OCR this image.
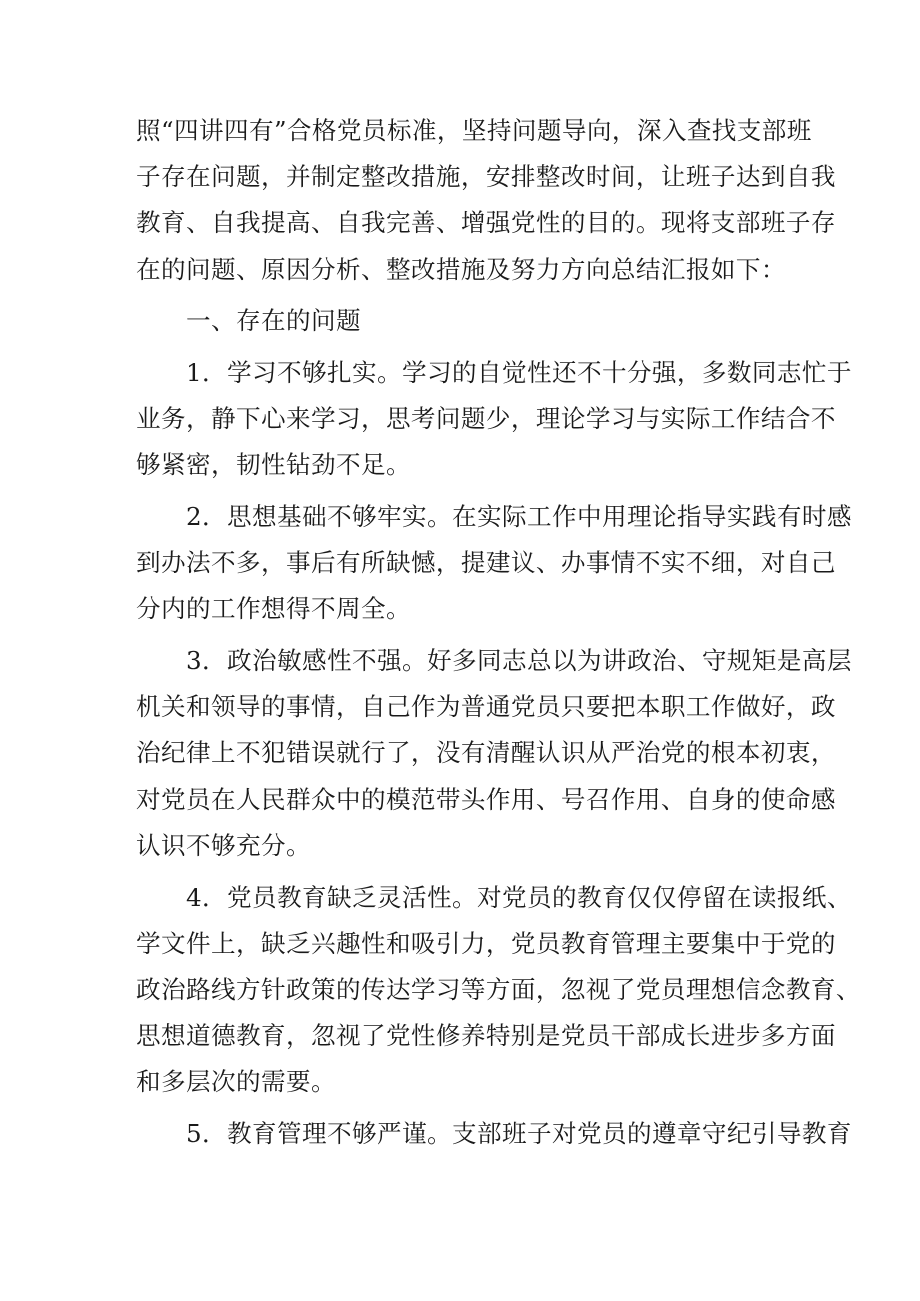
照“四讲四有”合格党员标准，坚持问题导向，深入查找支部班
子存在问题，并制定整改措施，安排整改时间，让班子达到自我
教育、自我提高、自我完善、增强党性的目的。现将支部班子存
在的问题、原因分析、整改措施及努力方向总结汇报如下：
一、存在的问题
1．学习不够扎实。学习的自觉性还不十分强，多数同志忙于
业务，静下心来学习，思考问题少，理论学习与实际工作结合不
够紧密，韧性钻劲不足。
2．思想基础不够牢实。在实际工作中用理论指导实践有时感
到办法不多，事后有所缺憾，提建议、办事情不实不细，对自己
分内的工作想得不周全。
3．政治敏感性不强。好多同志总以为讲政治、守规矩是高层
机关和领导的事情，自己作为普通党员只要把本职工作做好，政
治纪律上不犯错误就行了，没有清醒认识从严治党的根本初衷，
对党员在人民群众中的模范带头作用、号召作用、自身的使命感
认识不够充分。
4．党员教育缺乏灵活性。对党员的教育仅仅停留在读报纸、
学文件上，缺乏兴趣性和吸引力，党员教育管理主要集中于党的
政治路线方针政策的传达学习等方面，忽视了党员理想信念教育、
思想道德教育，忽视了党性修养特别是党员干部成长进步多方面
和多层次的需要。
5．教育管理不够严谨。支部班子对党员的遵章守纪引导教育
